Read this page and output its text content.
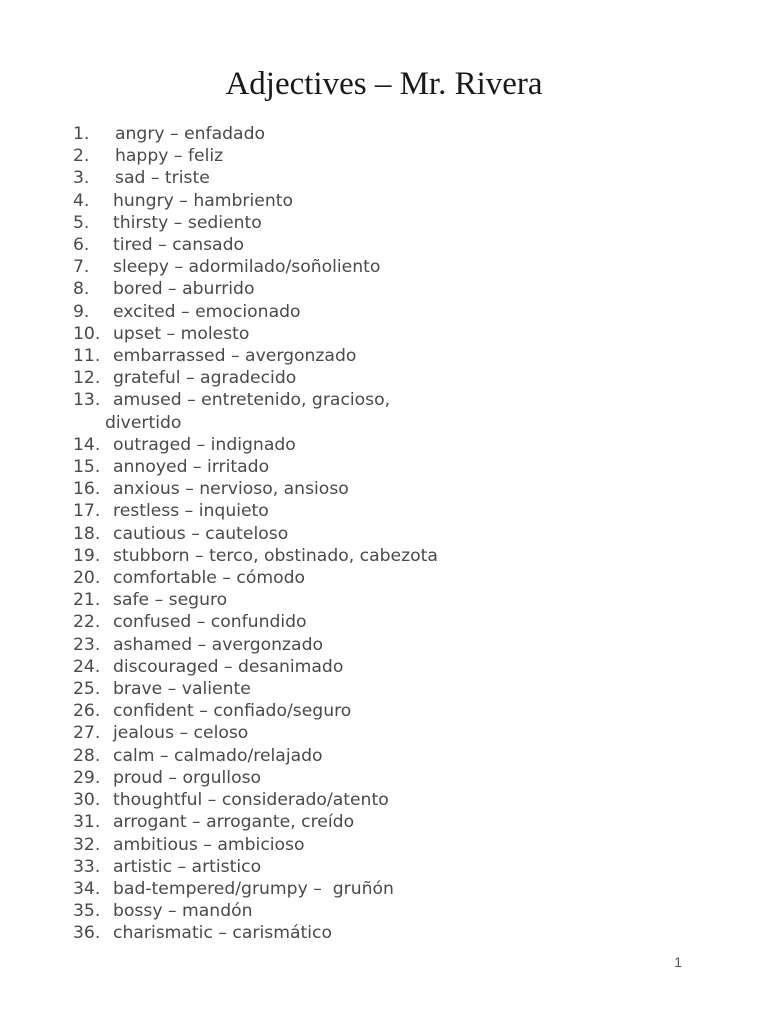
Adjectives – Mr. Rivera
1.	angry – enfadado
2.	happy – feliz
3.	sad – triste
4.	hungry – hambriento
5.	thirsty – sediento
6.	tired – cansado
7.	sleepy – adormilado/soñoliento
8.	bored – aburrido
9.	excited – emocionado
10. upset – molesto
11. embarrassed – avergonzado
12. grateful – agradecido
13. amused – entretenido, gracioso,
divertido
14. outraged – indignado
15. annoyed – irritado
16. anxious – nervioso, ansioso
17. restless – inquieto
18. cautious – cauteloso
19. stubborn – terco, obstinado, cabezota
20. comfortable – cómodo
21. safe – seguro
22. confused – confundido
23. ashamed – avergonzado
24. discouraged – desanimado
25. brave – valiente
26. confident – confiado/seguro
27. jealous – celoso
28. calm – calmado/relajado
29. proud – orgulloso
30. thoughtful – considerado/atento
31. arrogant – arrogante, creído
32. ambitious – ambicioso
33. artistic – artistico
34. bad-tempered/grumpy –  gruñón
35. bossy – mandón
36. charismatic – carismático
1
